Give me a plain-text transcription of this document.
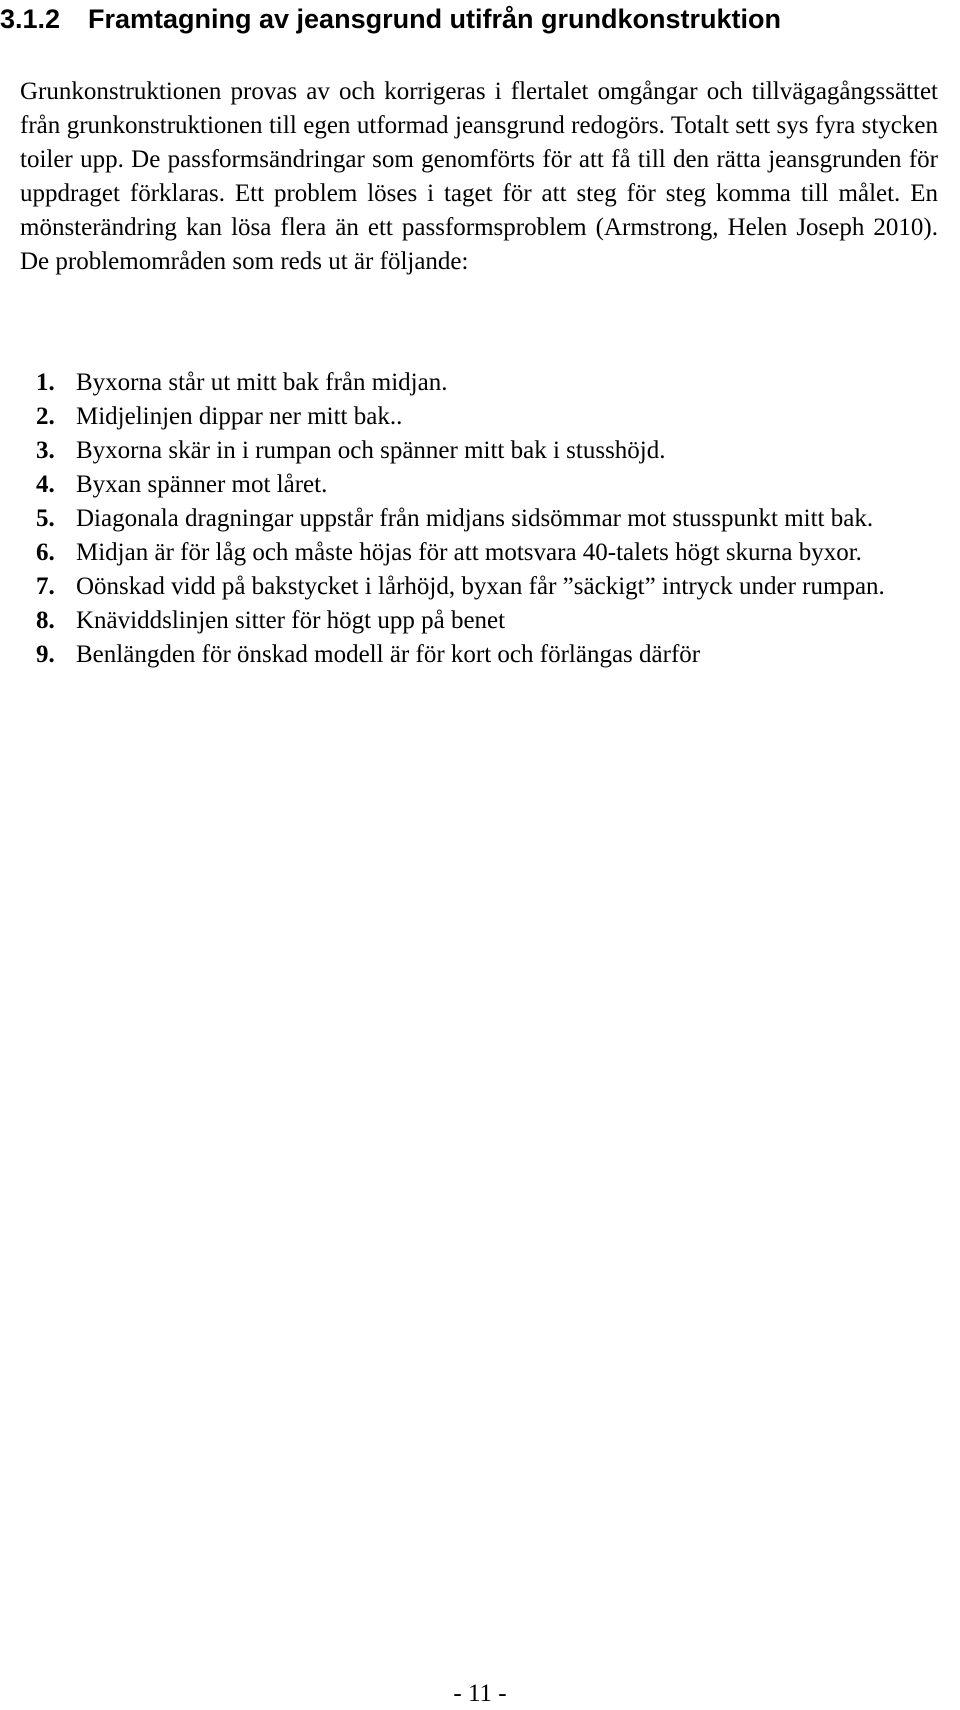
3.1.2 Framtagning av jeansgrund utifrån grundkonstruktion

Grunkonstruktionen provas av och korrigeras i flertalet omgångar och tillvägagångssättet från grunkonstruktionen till egen utformad jeansgrund redogörs. Totalt sett sys fyra stycken toiler upp. De passformsändringar som genomförts för att få till den rätta jeansgrunden för uppdraget förklaras. Ett problem löses i taget för att steg för steg komma till målet. En mönsterändring kan lösa flera än ett passformsproblem (Armstrong, Helen Joseph 2010). De problemområden som reds ut är följande:

1. Byxorna står ut mitt bak från midjan.
2. Midjelinjen dippar ner mitt bak..
3. Byxorna skär in i rumpan och spänner mitt bak i stusshöjd.
4. Byxan spänner mot låret.
5. Diagonala dragningar uppstår från midjans sidsömmar mot stusspunkt mitt bak.
6. Midjan är för låg och måste höjas för att motsvara 40-talets högt skurna byxor.
7. Oönskad vidd på bakstycket i lårhöjd, byxan får ”säckigt” intryck under rumpan.
8. Knäviddslinjen sitter för högt upp på benet
9. Benlängden för önskad modell är för kort och förlängas därför
- 11 -
